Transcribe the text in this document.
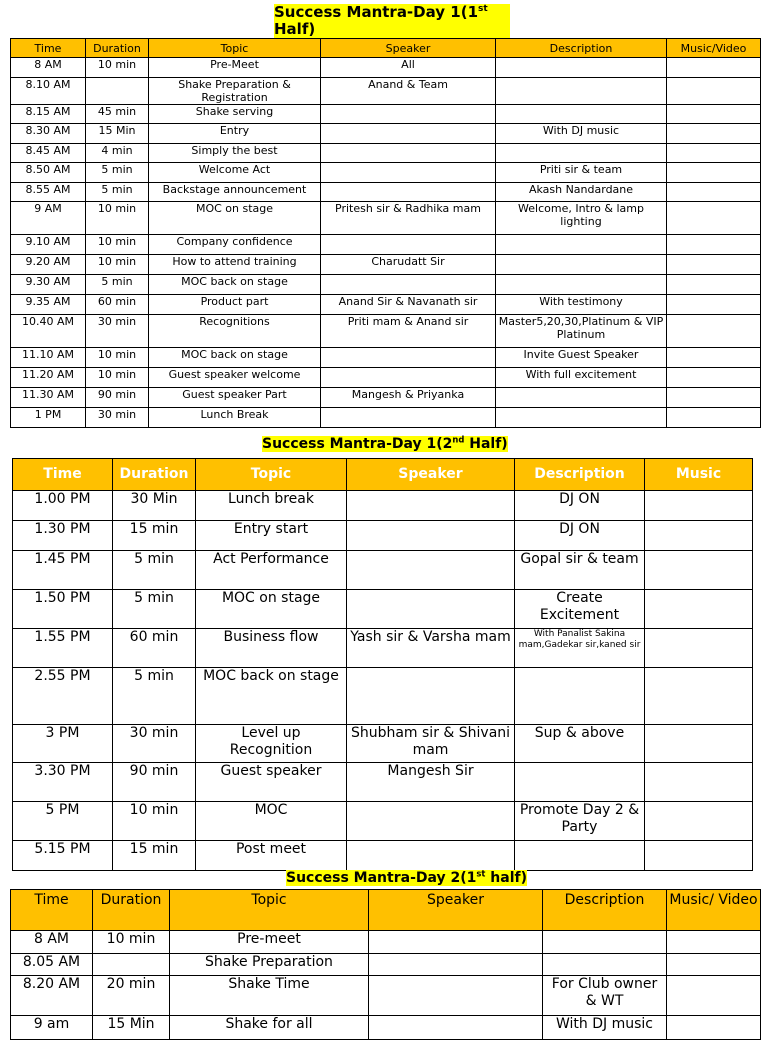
Success Mantra-Day 1(1st
Half)
Time	Duration	Topic	Speaker	Description	Music/Video
8 AM	10 min	Pre-Meet	All		
8.10 AM		Shake Preparation & Registration	Anand & Team		
8.15 AM	45 min	Shake serving			
8.30 AM	15 Min	Entry		With DJ music	
8.45 AM	4 min	Simply the best			
8.50 AM	5 min	Welcome Act		Priti sir & team	
8.55 AM	5 min	Backstage announcement		Akash Nandardane	
9 AM	10 min	MOC on stage	Pritesh sir & Radhika mam	Welcome, Intro & lamp lighting	
9.10 AM	10 min	Company confidence			
9.20 AM	10 min	How to attend training	Charudatt Sir		
9.30 AM	5 min	MOC back on stage			
9.35 AM	60 min	Product part	Anand Sir & Navanath sir	With testimony	
10.40 AM	30 min	Recognitions	Priti mam & Anand sir	Master5,20,30,Platinum & VIP Platinum	
11.10 AM	10 min	MOC back on stage		Invite Guest Speaker	
11.20 AM	10 min	Guest speaker welcome		With full excitement	
11.30 AM	90 min	Guest speaker Part	Mangesh & Priyanka		
1 PM	30 min	Lunch Break			
Success Mantra-Day 1(2nd Half)
Time	Duration	Topic	Speaker	Description	Music
1.00 PM	30 Min	Lunch break		DJ ON	
1.30 PM	15 min	Entry start		DJ ON	
1.45 PM	5 min	Act Performance		Gopal sir & team	
1.50 PM	5 min	MOC on stage		Create Excitement	
1.55 PM	60 min	Business flow	Yash sir & Varsha mam	With Panalist Sakina mam,Gadekar sir,kaned sir	
2.55 PM	5 min	MOC back on stage			
3 PM	30 min	Level up Recognition	Shubham sir & Shivani mam	Sup & above	
3.30 PM	90 min	Guest speaker	Mangesh Sir		
5 PM	10 min	MOC		Promote Day 2 & Party	
5.15 PM	15 min	Post meet			
Success Mantra-Day 2(1st half)
Time	Duration	Topic	Speaker	Description	Music/ Video
8 AM	10 min	Pre-meet			
8.05 AM		Shake Preparation			
8.20 AM	20 min	Shake Time		For Club owner & WT	
9 am	15 Min	Shake for all		With DJ music	
